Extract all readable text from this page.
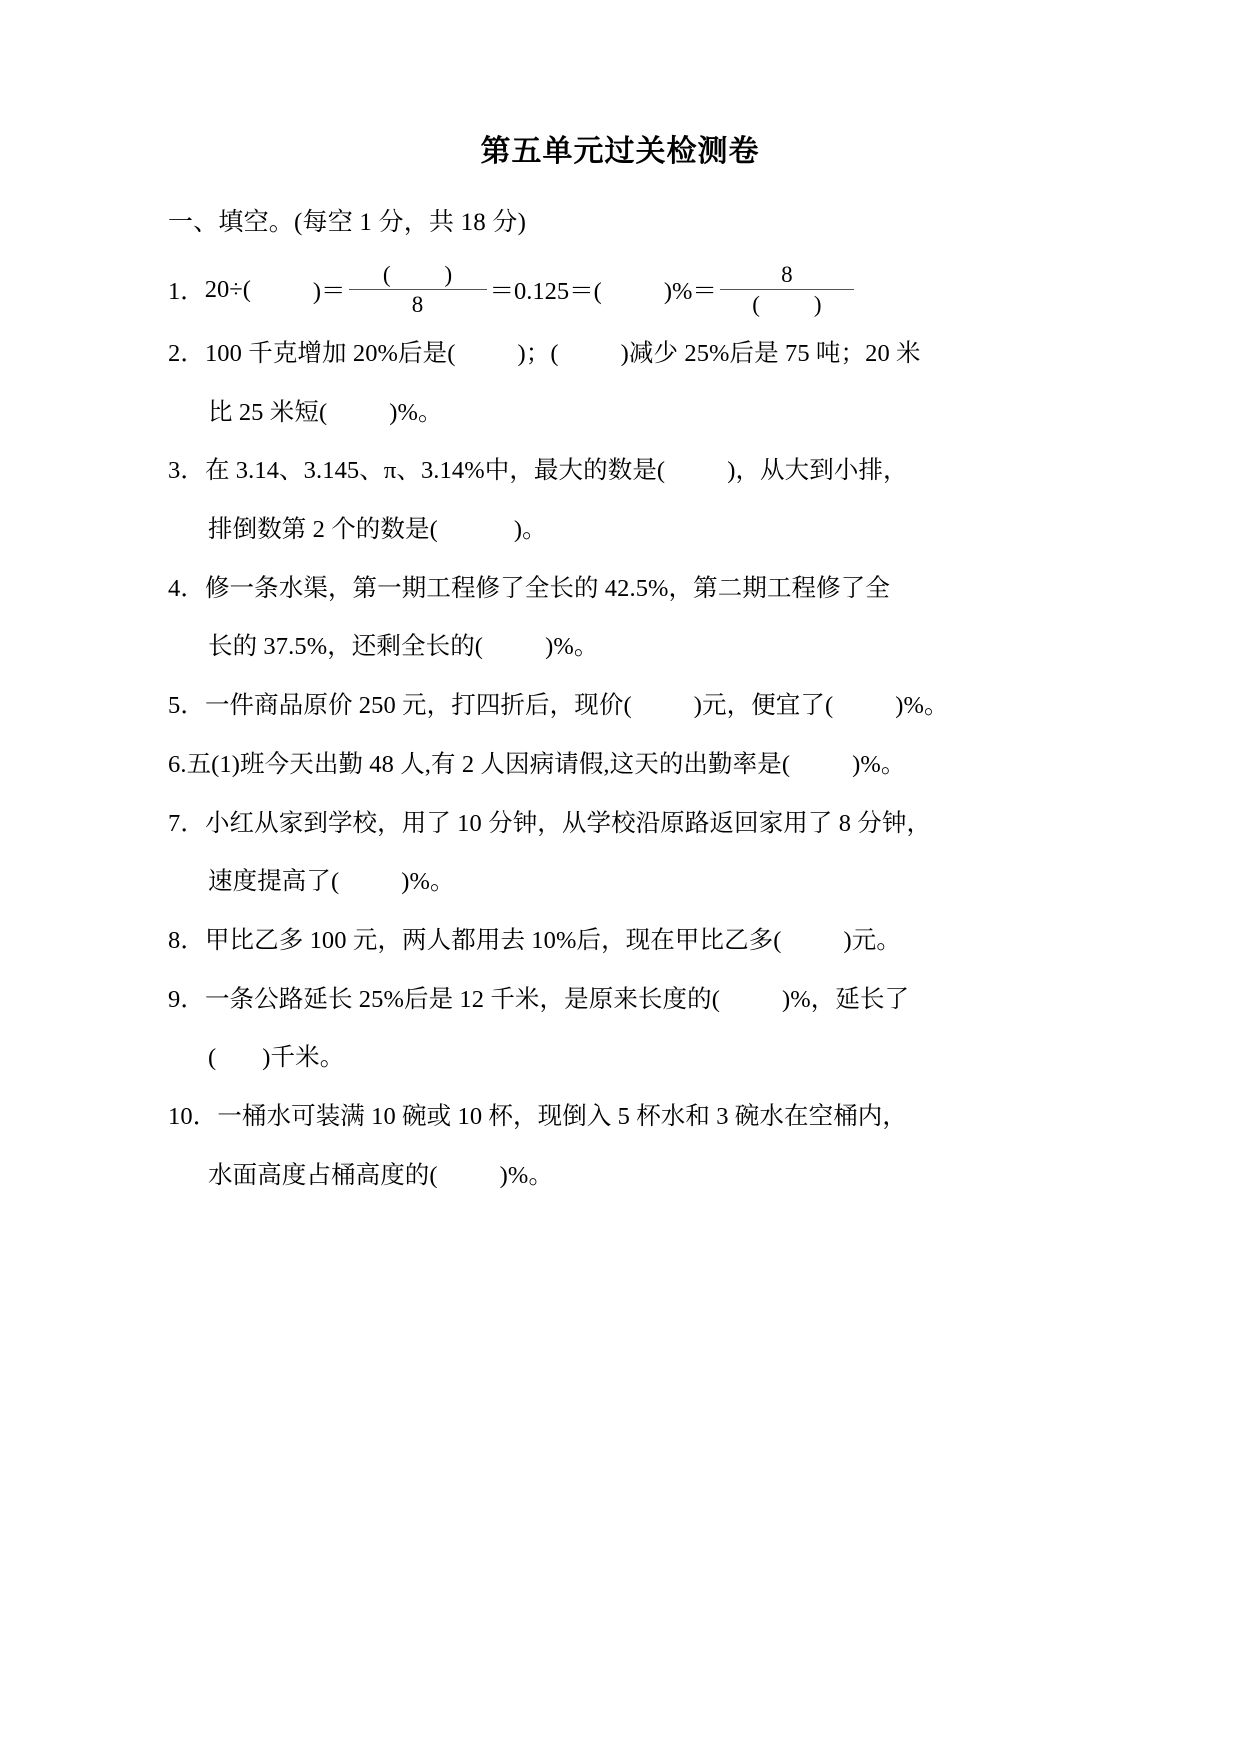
第五单元过关检测卷
一、填空。(每空 1 分，共 18 分)
1． 20÷(	)＝ $\frac{( )}{8} =0.125=$(	)%＝ $\frac{8}{( )}$
2．100 千克增加 20%后是(	)；(	)减少 25%后是 75 吨；20 米
比 25 米短(	)%。
3．在 3.14、3.145、π、3.14%中，最大的数是(	)，从大到小排，
排倒数第 2 个的数是(	)。
4．修一条水渠，第一期工程修了全长的 42.5%，第二期工程修了全
长的 37.5%，还剩全长的(	)%。
5．一件商品原价 250 元，打四折后，现价(	)元，便宜了(	)%。
6.五(1)班今天出勤 48 人,有 2 人因病请假,这天的出勤率是(	)%。
7．小红从家到学校，用了 10 分钟，从学校沿原路返回家用了 8 分钟，
速度提高了(	)%。
8．甲比乙多 100 元，两人都用去 10%后，现在甲比乙多(	)元。
9．一条公路延长 25%后是 12 千米，是原来长度的(	)%，延长了
( )千米。
10．一桶水可装满 10 碗或 10 杯，现倒入 5 杯水和 3 碗水在空桶内，
水面高度占桶高度的(	)%。
